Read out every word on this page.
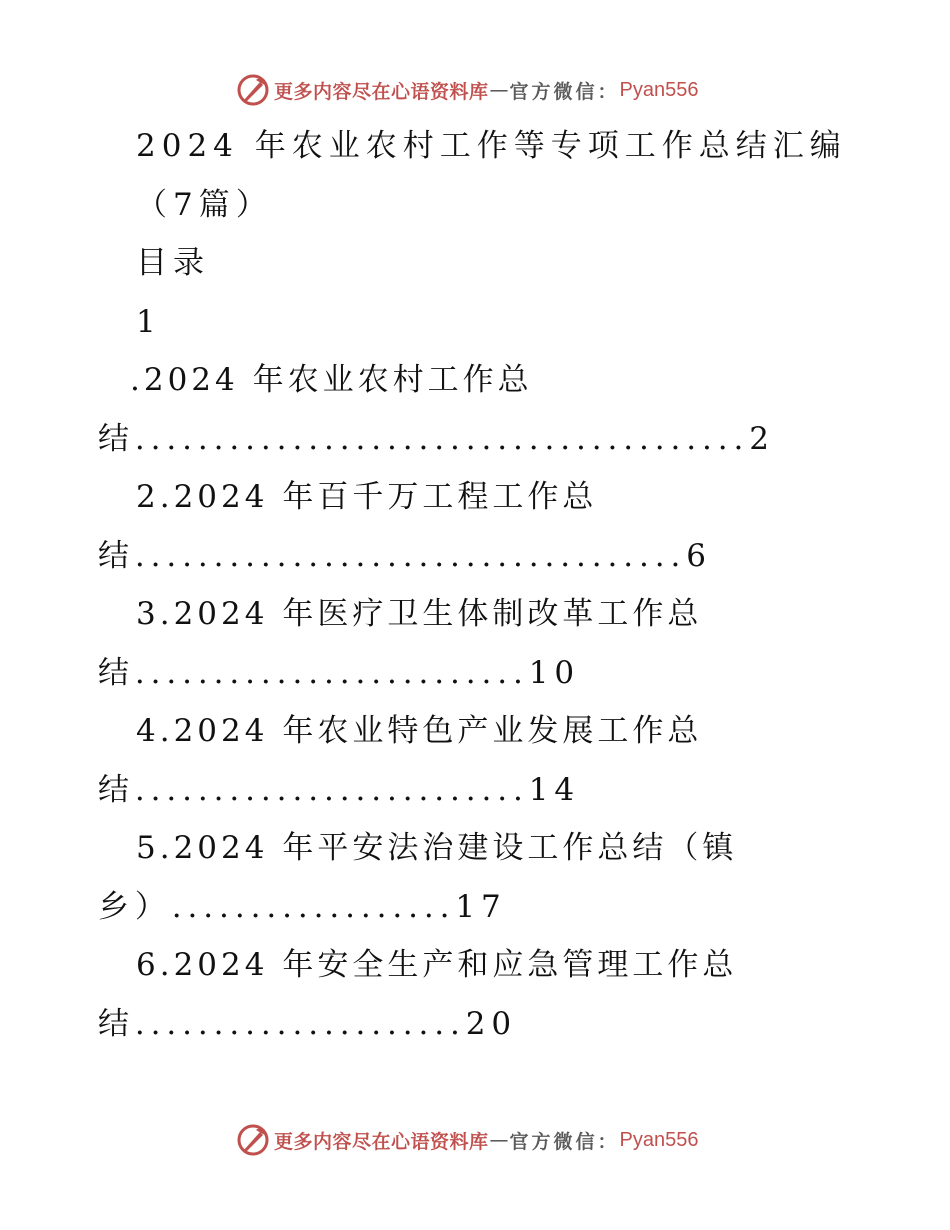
更多内容尽在心语资料库 — 官方微信： Pyan556
2024 年农业农村工作等专项工作总结汇编
（7篇）
目录
1
.2024 年农业农村工作总
结.......................................2
2.2024 年百千万工程工作总
结...................................6
3.2024 年医疗卫生体制改革工作总
结.........................10
4.2024 年农业特色产业发展工作总
结.........................14
5.2024 年平安法治建设工作总结（镇
乡）..................17
6.2024 年安全生产和应急管理工作总
结.....................20
更多内容尽在心语资料库 — 官方微信： Pyan556
